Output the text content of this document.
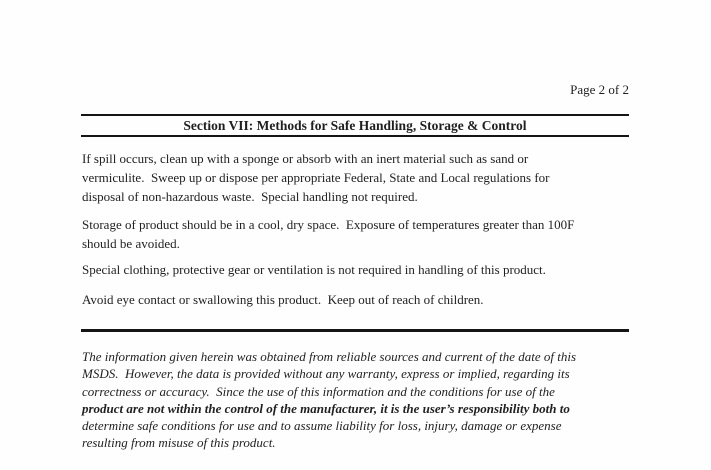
Page 2 of 2
Section VII: Methods for Safe Handling, Storage & Control
If spill occurs, clean up with a sponge or absorb with an inert material such as sand or
vermiculite.  Sweep up or dispose per appropriate Federal, State and Local regulations for
disposal of non-hazardous waste.  Special handling not required.
Storage of product should be in a cool, dry space.  Exposure of temperatures greater than 100F
should be avoided.
Special clothing, protective gear or ventilation is not required in handling of this product.
Avoid eye contact or swallowing this product.  Keep out of reach of children.
The information given herein was obtained from reliable sources and current of the date of this
MSDS.  However, the data is provided without any warranty, express or implied, regarding its
correctness or accuracy.  Since the use of this information and the conditions for use of the
product are not within the control of the manufacturer, it is the user’s responsibility both to
determine safe conditions for use and to assume liability for loss, injury, damage or expense
resulting from misuse of this product.
